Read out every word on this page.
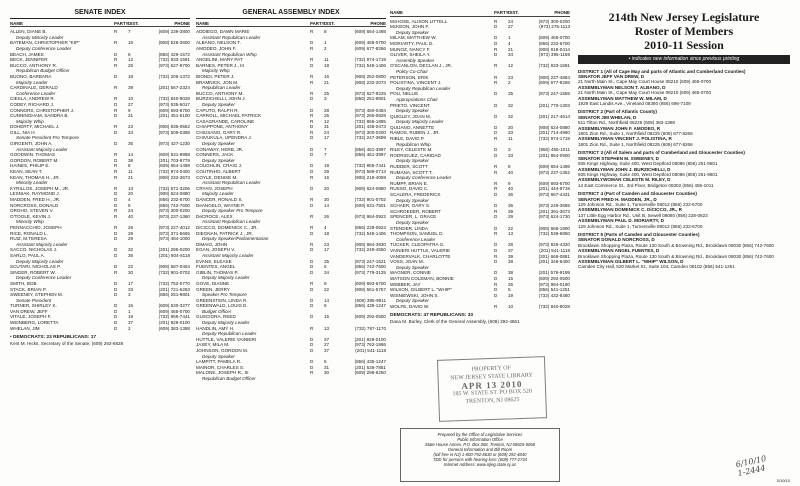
SENATE INDEX
NAME	PARTY DIST.	PHONE
ALLEN, DIANE B.	R	7	(609) 239-2800
Deputy Minority Leader
BATEMAN, CHRISTOPHER "KIP"	R	16	(908) 526-3600
Deputy Conference Leader
BEACH, JAMES	D	6	(856) 429-1572
BECK, JENNIFER	R	12	(732) 933-1591
BUCCO, ANTHONY R.	R	25	(973) 627-9700
Republican Budget Officer
BUONO, BARBARA	D	18	(732) 205-1372
Majority Leader
CARDINALE, GERALD	R	39	(201) 567-2324
Conference Leader
CIESLA, ANDREW R.	R	10	(732) 840-9028
CODEY, RICHARD J.	D	27	(973) 535-5017
CONNORS, CHRISTOPHER J.	R	9	(609) 693-6700
CUNNINGHAM, SANDRA B.	D	31	(201) 451-5100
Majority Whip
DOHERTY, MICHAEL J.	R	23	(908) 835-0552
GILL, NIA H.	D	34	(973) 509-0388
Senate President Pro Tempore
GIRGENTI, JOHN A.	D	35	(973) 427-1230
Assistant Majority Leader
GOODWIN, THOMAS	R	14	(609) 631-9988
GORDON, ROBERT M.	D	38	(201) 703-9779
HAINES, PHILIP E.	R	8	(609) 654-1498
KEAN, SEAN T.	R	11	(732) 974-0400
KEAN, THOMAS H., JR.	R	21	(908) 232-3673
Minority Leader
KYRILLOS, JOSEPH M., JR.	R	13	(732) 671-3206
LESNIAK, RAYMOND J.	D	20	(908) 624-0880
MADDEN, FRED H., JR.	D	4	(856) 232-6700
NORCROSS, DONALD	D	5	(856) 742-7600
OROHO, STEVEN V.	R	24	(973) 300-0200
O'TOOLE, KEVIN J.	R	40	(973) 237-1360
Minority Whip
PENNACCHIO, JOSEPH	R	26	(973) 227-4012
RICE, RONALD L.	D	28	(973) 371-5665
RUIZ, M.TERESA	D	29	(973) 484-1000
Assistant Majority Leader
SACCO, NICHOLAS J.	D	32	(201) 295-0200
SARLO, PAUL A.	D	36	(201) 804-8118
Deputy Majority Leader
SCUTARI, NICHOLAS P.	D	22	(908) 587-0404
SINGER, ROBERT W.	R	30	(732) 901-0702
Deputy Conference Leader
SMITH, BOB	D	17	(732) 752-0770
STACK, BRIAN P.	D	33	(201) 721-5263
SWEENEY, STEPHEN M.	D	3	(856) 251-9801
Senate President
TURNER, SHIRLEY K.	D	15	(609) 530-3277
VAN DREW, JEFF	D	1	(609) 465-0700
VITALE, JOSEPH F.	D	19	(732) 855-7441
WEINBERG, LORETTA	D	37	(201) 928-0100
WHELAN, JIM	D	2	(609) 383-1388
• DEMOCRATS: 23 REPUBLICANS: 17
Kent M. Hicks, Secretary of the Senate, (609) 292-6828
GENERAL ASSEMBLY INDEX
NAME	PARTY DIST.	PHONE
ADDIEGO, DAWN MARIE	R	8	(609) 654-1498
Assistant Republican Leader
ALBANO, NELSON T.	D	1	(609) 465-0700
AMODEO, JOHN F.	R	2	(609) 677-8266
Assistant Republican Whip
ANGELINI, MARY PAT	R	11	(732) 974-1719
BARNES, PETER J., III	D	18	(732) 548-1406
Majority Whip
BIONDI, PETER J.	R	16	(908) 252-0800
BRAMNICK, JON M.	R	21	(908) 232-2073
Republican Leader
BUCCO, ANTHONY M.	R	25	(973) 627-9225
BURZICHELLI, JOHN J.	D	3	(856) 251-9801
Deputy Speaker
CAPUTO, RALPH R.	D	28	(973) 450-0484
CARROLL, MICHAEL PATRICK	R	25	(973) 265-0828
CASAGRANDE, CAROLINE	R	12	(732) 866-1895
CHIAPPONE, ANTHONY	D	31	(201) 436-0473
CHIUSANO, GARY R.	R	24	(973) 300-0200
CHIVUKULA, UPENDRA J.	D	17	(732) 247-3699
Deputy Speaker
CONAWAY, HERB, JR.	D	7	(856) 461-3997
CONNERS, JACK	D	7	(856) 461-3997
Deputy Speaker
COUGHLIN, CRAIG J.	D	19	(732) 855-7441
COUTINHO, ALBERT	D	29	(973) 589-0713
COYLE, DENISE M.	R	16	(908) 218-4059
Assistant Republican Leader
CRYAN, JOSEPH	D	20	(908) 624-0880
Majority Leader
DANCER, RONALD S.	R	30	(732) 901-0702
DeANGELO, WAYNE P.	D	14	(609) 631-7501
Deputy Speaker Pro Tempore
DeCROCE, ALEX	R	26	(973) 984-0922
Assistant Republican Leader
DiCICCO, DOMENICK C., JR.	R	4	(856) 228-0823
DIEGNAN, PATRICK J., JR.	D	18	(732) 548-1406
Deputy Speaker/Parliamentarian
DiMAIO, JOHN	R	23	(908) 684-3930
EGAN, JOSEPH V.	D	17	(732) 249-4550
Assistant Majority Leader
EVANS, ELEASE	D	35	(973) 247-1521
FUENTES, ANGEL	D	5	(856) 742-7600
GIBLIN, THOMAS P.	D	34	(973) 779-3125
Deputy Majority Leader
GOVE, DIANNE	R	9	(609) 693-6700
GREEN, JERRY	D	22	(908) 561-5757
Speaker Pro Tempore
GREENSTEIN, LINDA R.	D	14	(609) 395-9911
GREENWALD, LOUIS D.	D	6	(856) 435-1247
Budget Officer
GUSCIORA, REED	D	15	(609) 292-0500
Deputy Majority Leader
HANDLIN, AMY H.	R	13	(732) 787-1170
Deputy Republican Leader
HUTTLE, VALERIE VAINIERI	D	37	(201) 928-0100
JASEY, MILA M.	D	27	(973) 762-1886
JOHNSON, GORDON M.	D	37	(201) 541-1118
Deputy Speaker
LAMPITT, PAMELA R.	D	6	(856) 435-1247
MAINOR, CHARLES S.	D	31	(201) 536-7851
MALONE, JOSEPH R., III	R	30	(609) 298-6250
Republican Budget Officer
NAME	PARTY DIST.	PHONE
McHOSE, ALISON LITTELL	R	24	(973) 300-0200
McKEON, JOHN F.	D	27	(973) 275-1113
Deputy Speaker
MILAM, MATTHEW W.	D	1	(609) 465-0700
MORIARTY, PAUL D.	D	4	(856) 232-6700
MUNOZ, NANCY F.	R	21	(908) 918-0414
OLIVER, SHEILA Y.	D	34	(973) 395-1166
Assembly Speaker
O'SCANLON, DECLAN J., JR.	R	12	(732) 933-1591
Policy Co-Chair
PETERSON, ERIK	R	23	(908) 237-4884
POLISTINA, VINCENT J.	R	2	(609) 677-8266
Deputy Republican Leader
POU, NELLIE	D	35	(973) 247-1555
Appropriations Chair
PRIETO, VINCENT	D	32	(201) 770-1303
Deputy Speaker
QUIGLEY, JOAN M.	D	32	(201) 217-4614
Deputy Majority Leader
QUIJANO, ANNETTE	D	20	(908) 624-0880
RAMOS, RUBEN J., JR.	D	33	(201) 714-4960
RIBLE, DAVID P.	R	11	(732) 974-1719
Republican Whip
RILEY, CELESTE M.	D	3	(856) 455-1011
RODRIGUEZ, CARIDAD	D	33	(201) 854-0900
Deputy Speaker
RUDDER, SCOTT	R	8	(609) 654-1498
RUMANA, SCOTT T.	R	40	(973) 237-1362
Deputy Conference Leader
RUMPF, BRIAN E.	R	9	(609) 693-6700
RUSSO, DAVID C.	R	40	(201) 444-9719
SCALERA, FREDERICK	D	36	(973) 667-4431
Deputy Speaker
SCHAER, GARY S.	D	36	(973) 249-3665
SCHROEDER, ROBERT	R	39	(201) 391-3673
SPENCER, L. GRACE	D	29	(973) 624-1730
Deputy Speaker
STENDER, LINDA	D	22	(908) 668-1900
THOMPSON, SAMUEL D.	R	13	(732) 536-6850
Conference Leader
TUCKER, CLEOPATRA G.	D	28	(973) 926-4320
VAINIERI HUTTLE, VALERIE	D	37	(201) 541-1118
VANDERVALK, CHARLOTTE	R	39	(201) 666-0881
VOSS, JOAN M.	D	38	(201) 346-6400
Deputy Speaker
WAGNER, CONNIE	D	38	(201) 576-9199
WATSON COLEMAN, BONNIE	D	15	(609) 292-0500
WEBBER, JAY	R	26	(973) 984-0190
WILSON, GILBERT L. "WHIP"	D	5	(856) 541-1251
WISNIEWSKI, JOHN S.	D	19	(732) 432-8460
Deputy Speaker
WOLFE, DAVID W.	R	10	(732) 840-9028
DEMOCRATS: 47 REPUBLICANS: 33
Dana M. Burley, Clerk of the General Assembly, (609) 292-4661
214th New Jersey Legislature
Roster of Members
2010-11 Session
• indicates new information since previous printing
DISTRICT 1 (All of Cape May and parts of Atlantic and Cumberland Counties)
SENATOR JEFF VAN DREW, D
21 North Main St., Cape May Court House 08210 (609) 465-0700
ASSEMBLYMAN NELSON T. ALBANO, D
21 North Main St., Cape May Court House 08210 (609) 465-0700
ASSEMBLYMAN MATTHEW W. MILAM, D
1929 East Landis Ave., Vineland 08360 (856) 696-7109
DISTRICT 2 (Part of Atlantic County)
SENATOR JIM WHELAN, D
511 Tilton Rd., Northfield 08225 (609) 383-1388
ASSEMBLYMAN JOHN F. AMODEO, R
1801 Zion Rd., Suite 1, Northfield 08225 (609) 677-8266
ASSEMBLYMAN VINCENT J. POLISTINA, R
1801 Zion Rd., Suite 1, Northfield 08225 (609) 677-8266
DISTRICT 3 (All of Salem and parts of Cumberland and Gloucester Counties)
SENATOR STEPHEN M. SWEENEY, D
935 Kings Highway, Suite 400, West Deptford 08086 (856) 251-9801
ASSEMBLYMAN JOHN J. BURZICHELLI, D
935 Kings Highway, Suite 400, West Deptford 08086 (856) 251-9801
ASSEMBLYWOMAN CELESTE M. RILEY, D
14 East Commerce St., 3rd Floor, Bridgeton 08302 (856) 455-1011
DISTRICT 4 (Part of Camden and Gloucester Counties)
SENATOR FRED H. MADDEN, JR., D
129 Johnson Rd., Suite 1, Turnersville 08012 (856) 232-6700
ASSEMBLYMAN DOMENICK C. DiCICCO, JR., R
137 Little Egg Harbor Rd., Unit B, Sewell 08080 (856) 228-0823
ASSEMBLYMAN PAUL D. MORIARTY, D
129 Johnson Rd., Suite 1, Turnersville 08012 (856) 232-6700
DISTRICT 5 (Parts of Camden and Gloucester Counties)
SENATOR DONALD NORCROSS, D
Brooklawn Shopping Plaza, Route 130 South & Browning Rd., Brooklawn 08030 (856) 742-7600
ASSEMBLYMAN ANGEL FUENTES, D
Brooklawn Shopping Plaza, Route 130 South & Browning Rd., Brooklawn 08030 (856) 742-7600
ASSEMBLYMAN GILBERT L. "WHIP" WILSON, D
Camden City Hall, 520 Market St., Suite 104, Camden 08102 (856) 541-1251
PROPERTY OF
NEW JERSEY STATE LIBRARY
APR 13 2010
185 W. STATE ST. PO BOX 520
TRENTON, NJ 08625
Prepared by the Office of Legislative Services
Public Information Office
State House Annex, P.O. Box 068, Trenton, NJ 08625-0068
General Information and Bill Room
(toll free in NJ) 1-800-792-8630 or (609) 292-4840
TDD for persons with hearing loss: (609) 777-2744
Internet Address: www.njleg.state.nj.us	6/10/10 1-2444
3/10/10
